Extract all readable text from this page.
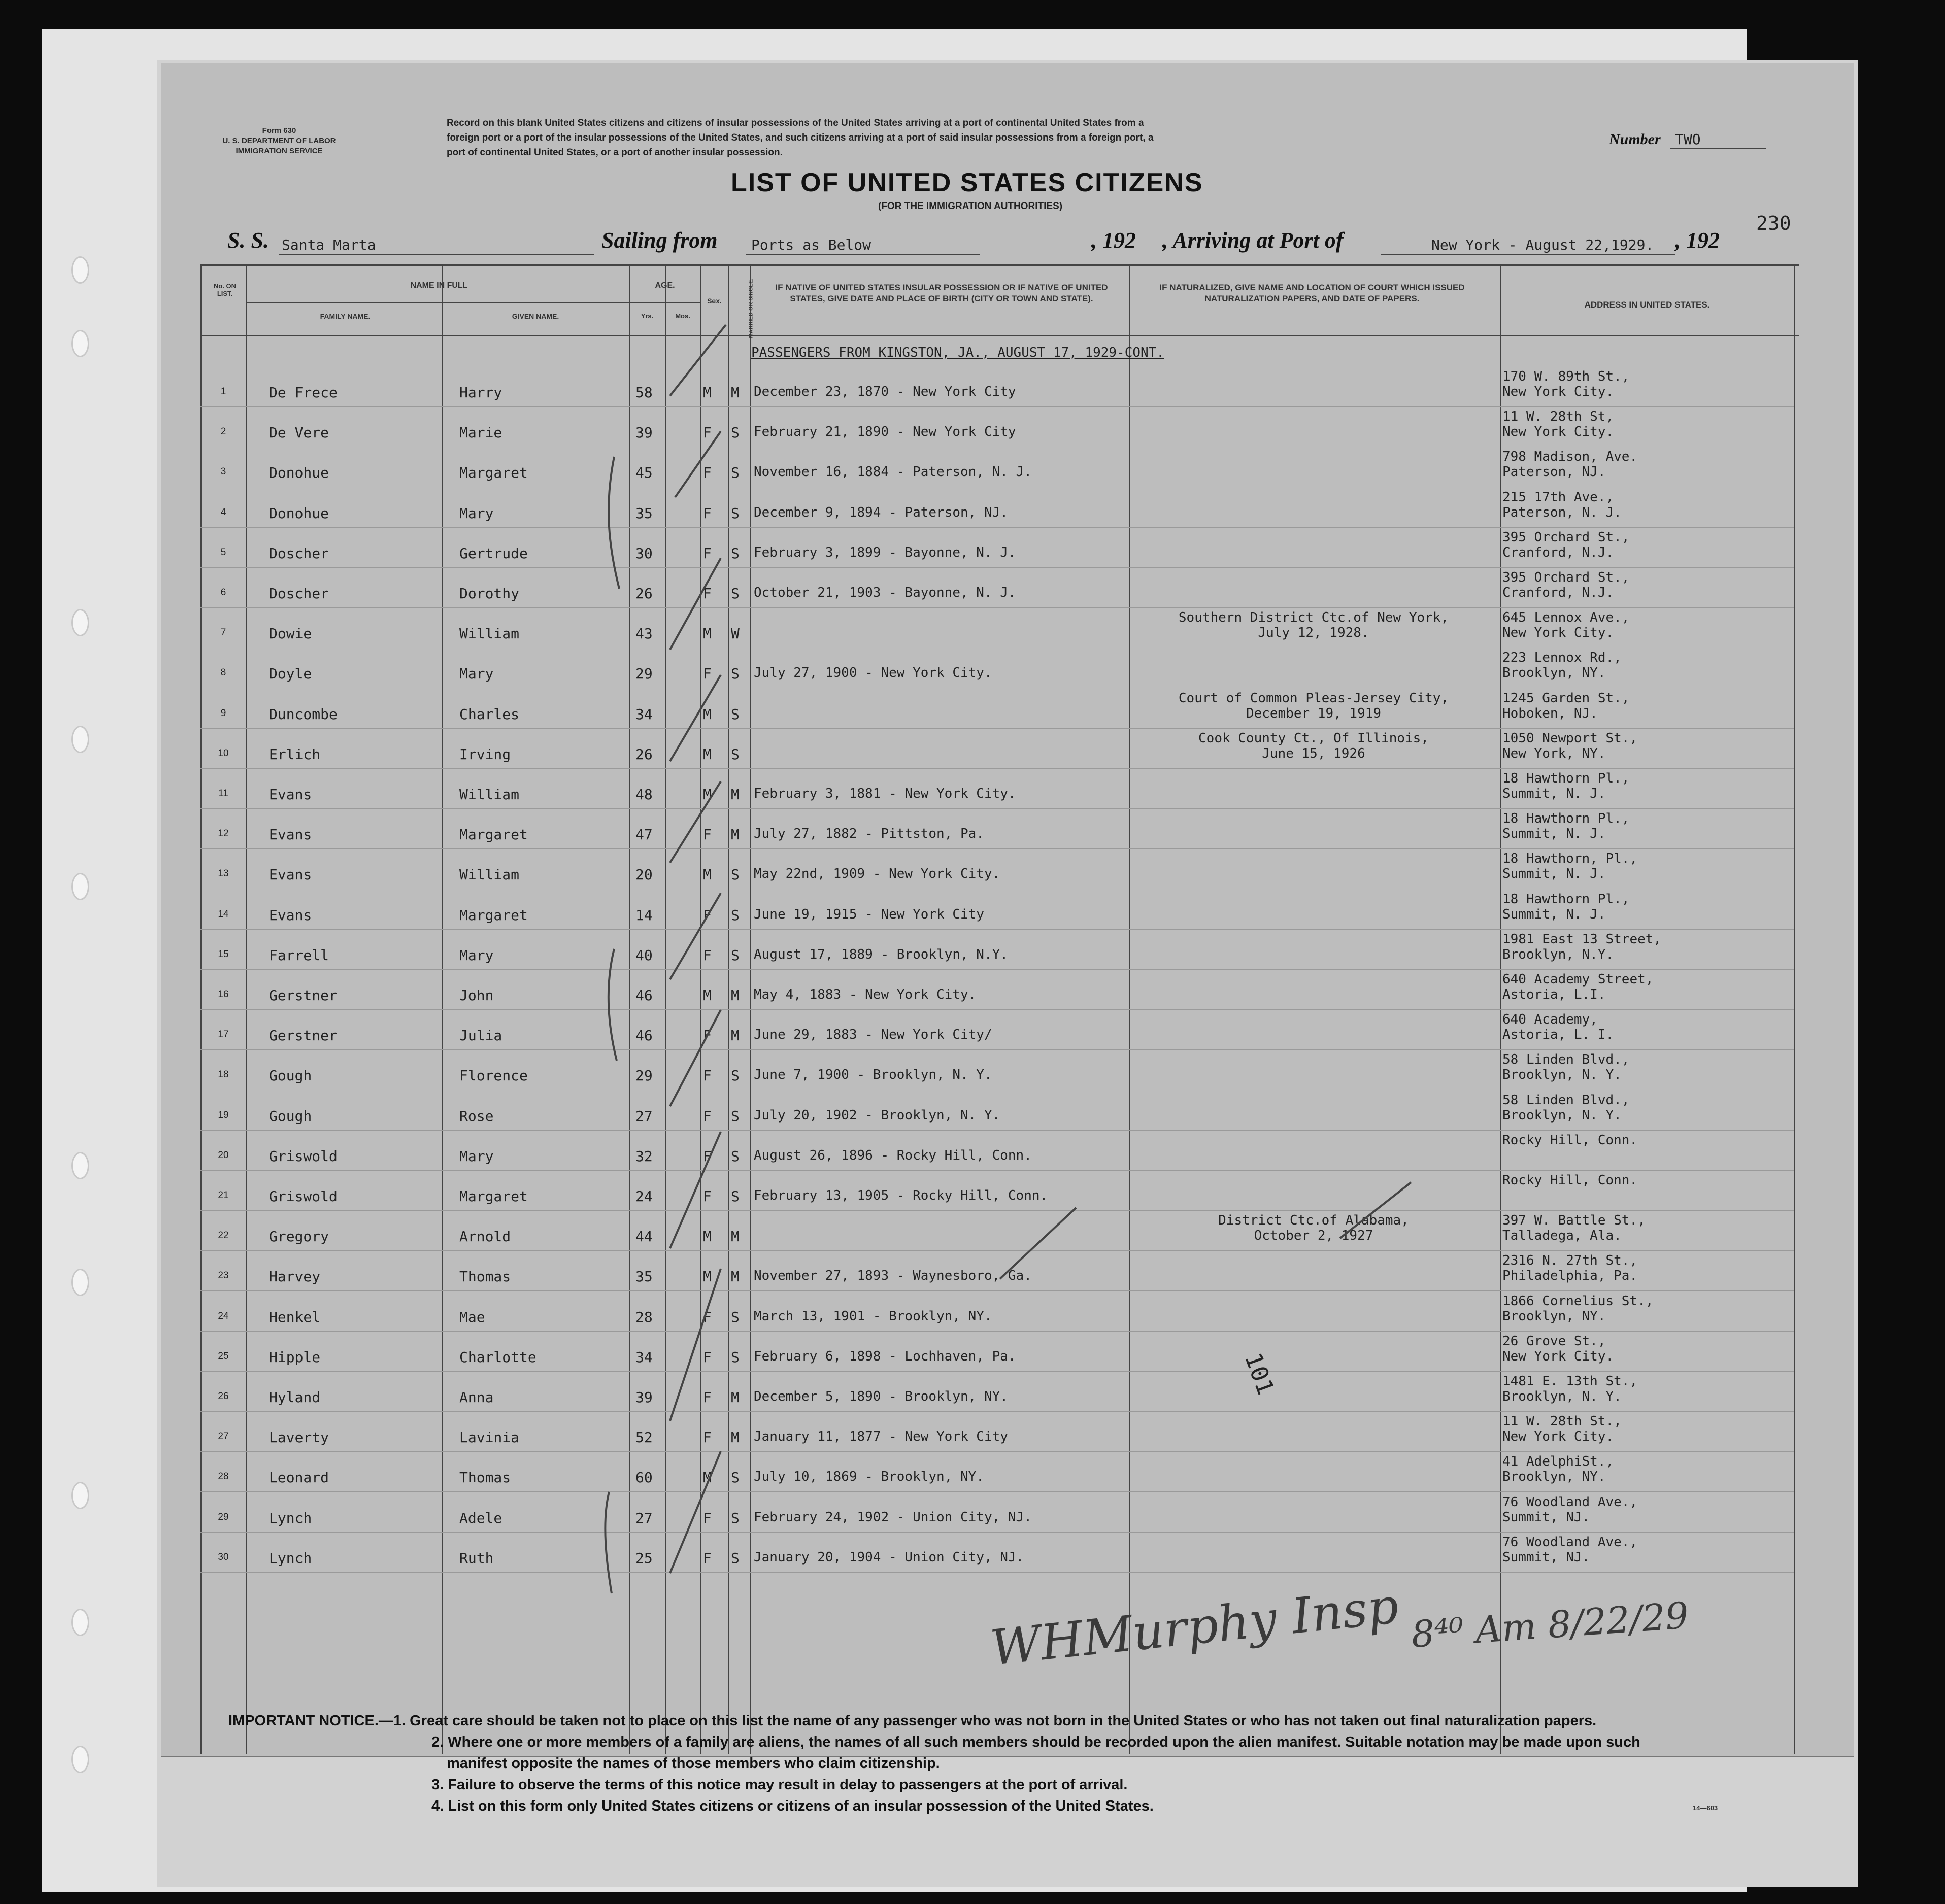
Form 630
U. S. DEPARTMENT OF LABOR
IMMIGRATION SERVICE
Record on this blank United States citizens and citizens of insular possessions of the United States arriving at a port of continental United States from a
foreign port or a port of the insular possessions of the United States, and such citizens arriving at a port of said insular possessions from a foreign port, a
port of continental United States, or a port of another insular possession.
Number TWO
LIST OF UNITED STATES CITIZENS
(FOR THE IMMIGRATION AUTHORITIES)
230
S. S. Santa Marta	Sailing from Ports as Below	, 192 , Arriving at Port of	New York - August 22,1929. , 192
No. ON LIST.
NAME IN FULL
FAMILY NAME.	GIVEN NAME.
AGE.
Yrs.	Mos.
Sex.	MARRIED OR SINGLE.	IF NATIVE OF UNITED STATES INSULAR POSSESSION OR IF NATIVE OF UNITED STATES, GIVE DATE AND PLACE OF BIRTH (CITY OR TOWN AND STATE).
IF NATURALIZED, GIVE NAME AND LOCATION OF COURT WHICH ISSUED NATURALIZATION PAPERS, AND DATE OF PAPERS.
ADDRESS IN UNITED STATES.
PASSENGERS FROM KINGSTON, JA., AUGUST 17, 1929-CONT.
1	De Frece	Harry	58	M M December 23, 1870 - New York City
170 W. 89th St.,
New York City.
2	De Vere	Marie	39	F S February 21, 1890 - New York City
11 W. 28th St,
New York City.
3	Donohue	Margaret	45	F S November 16, 1884 - Paterson, N. J.
798 Madison, Ave.
Paterson, NJ.
4	Donohue	Mary	35	F S December 9, 1894 - Paterson, NJ.
215 17th Ave.,
Paterson, N. J.
5	Doscher	Gertrude	30	F S February 3, 1899 - Bayonne, N. J.
395 Orchard St.,
Cranford, N.J.
6	Doscher	Dorothy	26	F S October 21, 1903 - Bayonne, N. J.
395 Orchard St.,
Cranford, N.J.
7	Dowie	William	43	M W
Southern District Ctc.of New York,
July 12, 1928.
645 Lennox Ave.,
New York City.
8	Doyle	Mary	29	F S July 27, 1900 - New York City.
223 Lennox Rd.,
Brooklyn, NY.
9	Duncombe	Charles	34	M S
Court of Common Pleas-Jersey City,
December 19, 1919
1245 Garden St.,
Hoboken, NJ.
10	Erlich	Irving	26	M S
Cook County Ct., Of Illinois,
June 15, 1926
1050 Newport St.,
New York, NY.
11	Evans	William	48	M M February 3, 1881 - New York City.
18 Hawthorn Pl.,
Summit, N. J.
12	Evans	Margaret	47	F M July 27, 1882 - Pittston, Pa.
18 Hawthorn Pl.,
Summit, N. J.
13	Evans	William	20	M S May 22nd, 1909 - New York City.
18 Hawthorn, Pl.,
Summit, N. J.
14	Evans	Margaret	14	F S June 19, 1915 - New York City
18 Hawthorn Pl.,
Summit, N. J.
15	Farrell	Mary	40	F S August 17, 1889 - Brooklyn, N.Y.
1981 East 13 Street,
Brooklyn, N.Y.
16	Gerstner	John	46	M M May 4, 1883 - New York City.
640 Academy Street,
Astoria, L.I.
17	Gerstner	Julia	46	F M June 29, 1883 - New York City/
640 Academy,
Astoria, L. I.
18	Gough	Florence	29	F S June 7, 1900 - Brooklyn, N. Y.
58 Linden Blvd.,
Brooklyn, N. Y.
19	Gough	Rose	27	F S July 20, 1902 - Brooklyn, N. Y.
58 Linden Blvd.,
Brooklyn, N. Y.
20	Griswold	Mary	32	F S August 26, 1896 - Rocky Hill, Conn.
Rocky Hill, Conn.
21	Griswold	Margaret	24	F S February 13, 1905 - Rocky Hill, Conn.
Rocky Hill, Conn.
22	Gregory	Arnold	44	M M
District Ctc.of Alabama,
October 2, 1927
397 W. Battle St.,
Talladega, Ala.
23	Harvey	Thomas	35	M M November 27, 1893 - Waynesboro, Ga.
2316 N. 27th St.,
Philadelphia, Pa.
24	Henkel	Mae	28	F S March 13, 1901 - Brooklyn, NY.
1866 Cornelius St.,
Brooklyn, NY.
25	Hipple	Charlotte	34	F S February 6, 1898 - Lochhaven, Pa.
26 Grove St.,
New York City.
26	Hyland	Anna	39	F M December 5, 1890 - Brooklyn, NY.
1481 E. 13th St.,
Brooklyn, N. Y.
27	Laverty	Lavinia	52	F M January 11, 1877 - New York City
11 W. 28th St.,
New York City.
28	Leonard	Thomas	60	M S July 10, 1869 - Brooklyn, NY.
41 AdelphiSt.,
Brooklyn, NY.
29	Lynch	Adele	27	F S February 24, 1902 - Union City, NJ.
76 Woodland Ave.,
Summit, NJ.
30	Lynch	Ruth	25	F S January 20, 1904 - Union City, NJ.
76 Woodland Ave.,
Summit, NJ.
101
WHMurphy Insp 8⁴⁰ Am 8/22/29
IMPORTANT NOTICE.—1. Great care should be taken not to place on this list the name of any passenger who was not born in the United States or who has not taken out final naturalization papers.
2. Where one or more members of a family are aliens, the names of all such members should be recorded upon the alien manifest. Suitable notation may be made upon such
manifest opposite the names of those members who claim citizenship.
3. Failure to observe the terms of this notice may result in delay to passengers at the port of arrival.
4. List on this form only United States citizens or citizens of an insular possession of the United States.	14—603
